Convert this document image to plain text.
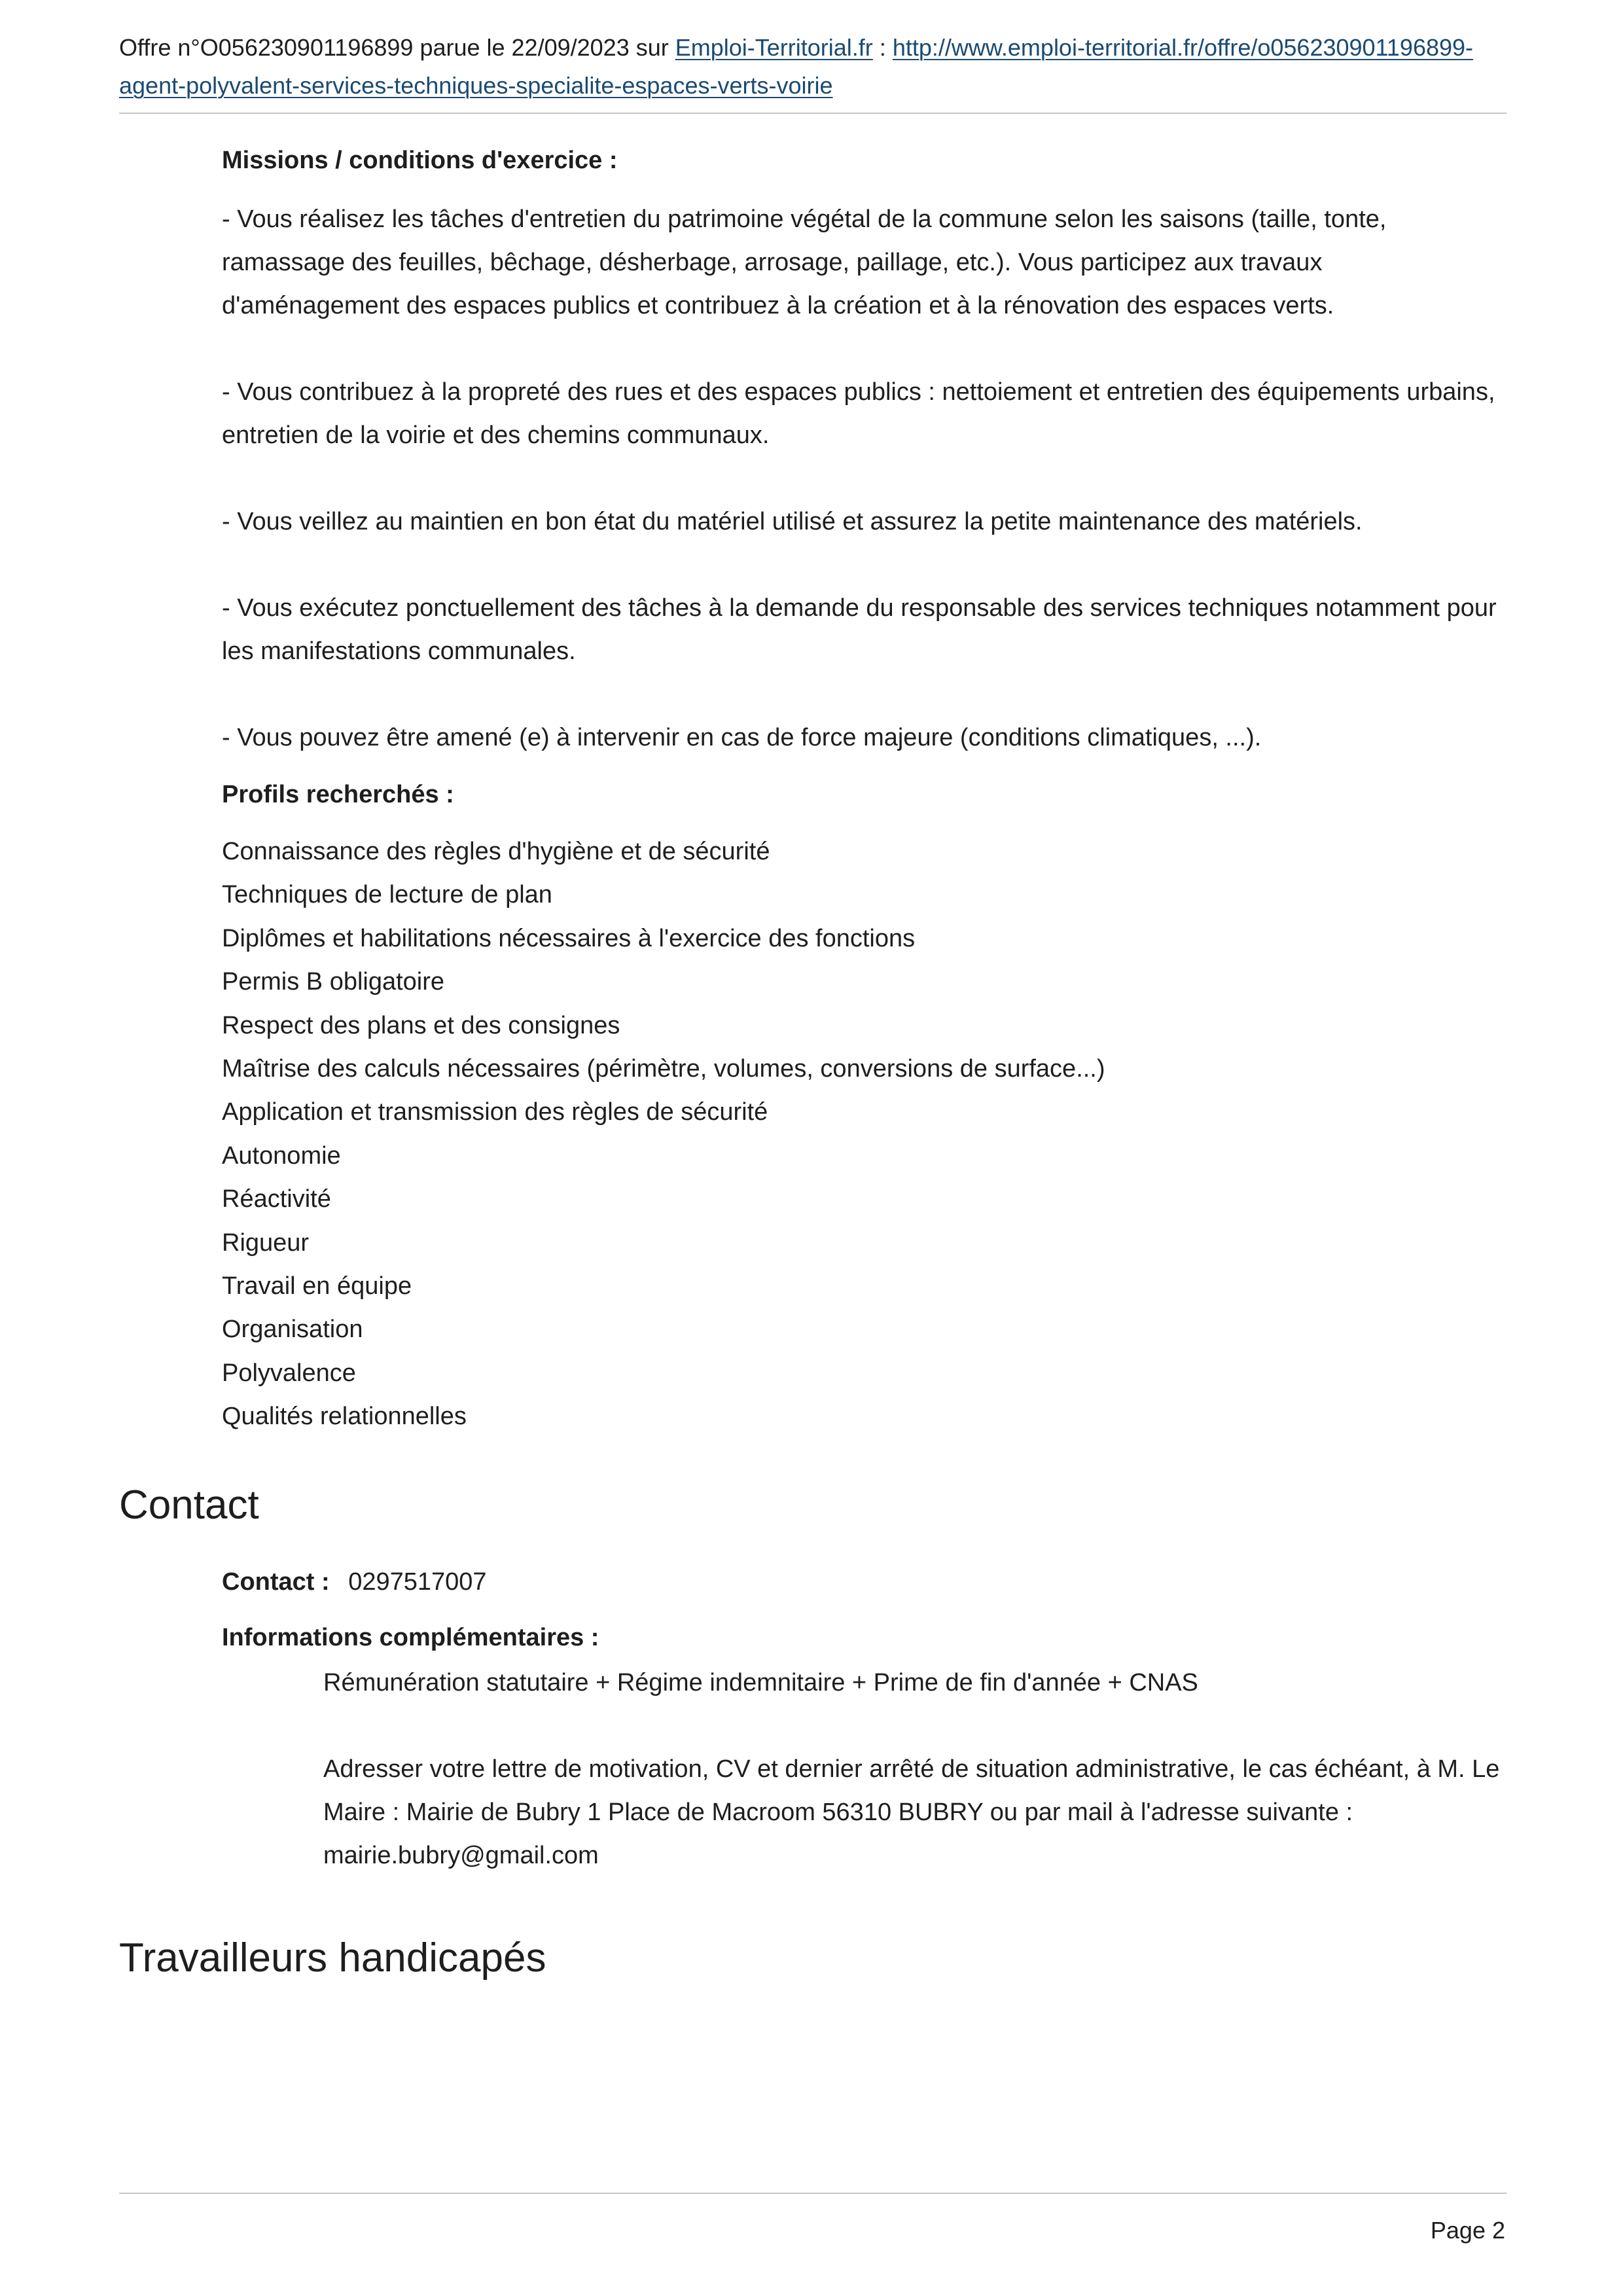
Offre n°O056230901196899 parue le 22/09/2023 sur Emploi-Territorial.fr : http://www.emploi-territorial.fr/offre/o056230901196899-agent-polyvalent-services-techniques-specialite-espaces-verts-voirie
Missions / conditions d'exercice :

- Vous réalisez les tâches d'entretien du patrimoine végétal de la commune selon les saisons (taille, tonte, ramassage des feuilles, bêchage, désherbage, arrosage, paillage, etc.). Vous participez aux travaux d'aménagement des espaces publics et contribuez à la création et à la rénovation des espaces verts.

- Vous contribuez à la propreté des rues et des espaces publics : nettoiement et entretien des équipements urbains, entretien de la voirie et des chemins communaux.

- Vous veillez au maintien en bon état du matériel utilisé et assurez la petite maintenance des matériels.

- Vous exécutez ponctuellement des tâches à la demande du responsable des services techniques notamment pour les manifestations communales.

- Vous pouvez être amené (e) à intervenir en cas de force majeure (conditions climatiques, ...).

Profils recherchés :
Connaissance des règles d'hygiène et de sécurité
Techniques de lecture de plan
Diplômes et habilitations nécessaires à l'exercice des fonctions
Permis B obligatoire
Respect des plans et des consignes
Maîtrise des calculs nécessaires (périmètre, volumes, conversions de surface...)
Application et transmission des règles de sécurité
Autonomie
Réactivité
Rigueur
Travail en équipe
Organisation
Polyvalence
Qualités relationnelles
Contact
Contact : 0297517007
Informations complémentaires :

Rémunération statutaire + Régime indemnitaire + Prime de fin d'année + CNAS

Adresser votre lettre de motivation, CV et dernier arrêté de situation administrative, le cas échéant, à M. Le Maire : Mairie de Bubry 1 Place de Macroom 56310 BUBRY ou par mail à l'adresse suivante : mairie.bubry@gmail.com

Travailleurs handicapés
Page 2
